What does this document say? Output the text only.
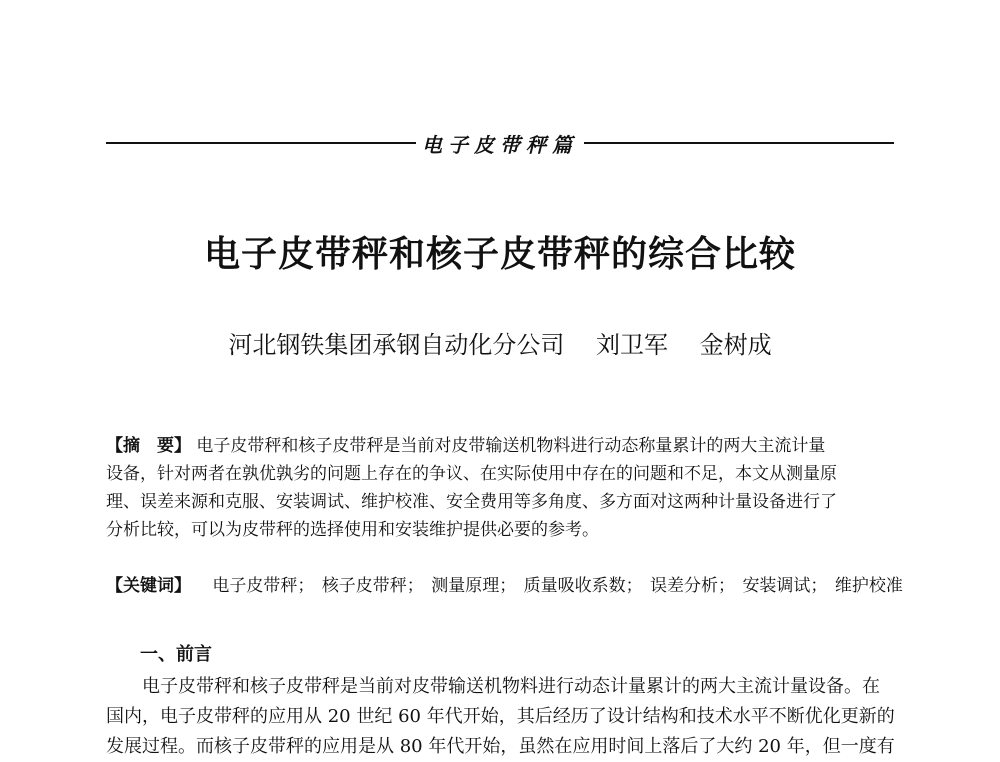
电子皮带秤篇
电子皮带秤和核子皮带秤的综合比较
河北钢铁集团承钢自动化分公司 刘卫军 金树成
【摘　要】 电子皮带秤和核子皮带秤是当前对皮带输送机物料进行动态称量累计的两大主流计量
设备，针对两者在孰优孰劣的问题上存在的争议、在实际使用中存在的问题和不足，本文从测量原
理、误差来源和克服、安装调试、维护校准、安全费用等多角度、多方面对这两种计量设备进行了
分析比较，可以为皮带秤的选择使用和安装维护提供必要的参考。
【关键词】 电子皮带秤； 核子皮带秤； 测量原理； 质量吸收系数； 误差分析； 安装调试； 维护校准
一、前言
电子皮带秤和核子皮带秤是当前对皮带输送机物料进行动态计量累计的两大主流计量设备。在
国内，电子皮带秤的应用从 20 世纪 60 年代开始，其后经历了设计结构和技术水平不断优化更新的
发展过程。而核子皮带秤的应用是从 80 年代开始，虽然在应用时间上落后了大约 20 年，但一度有
